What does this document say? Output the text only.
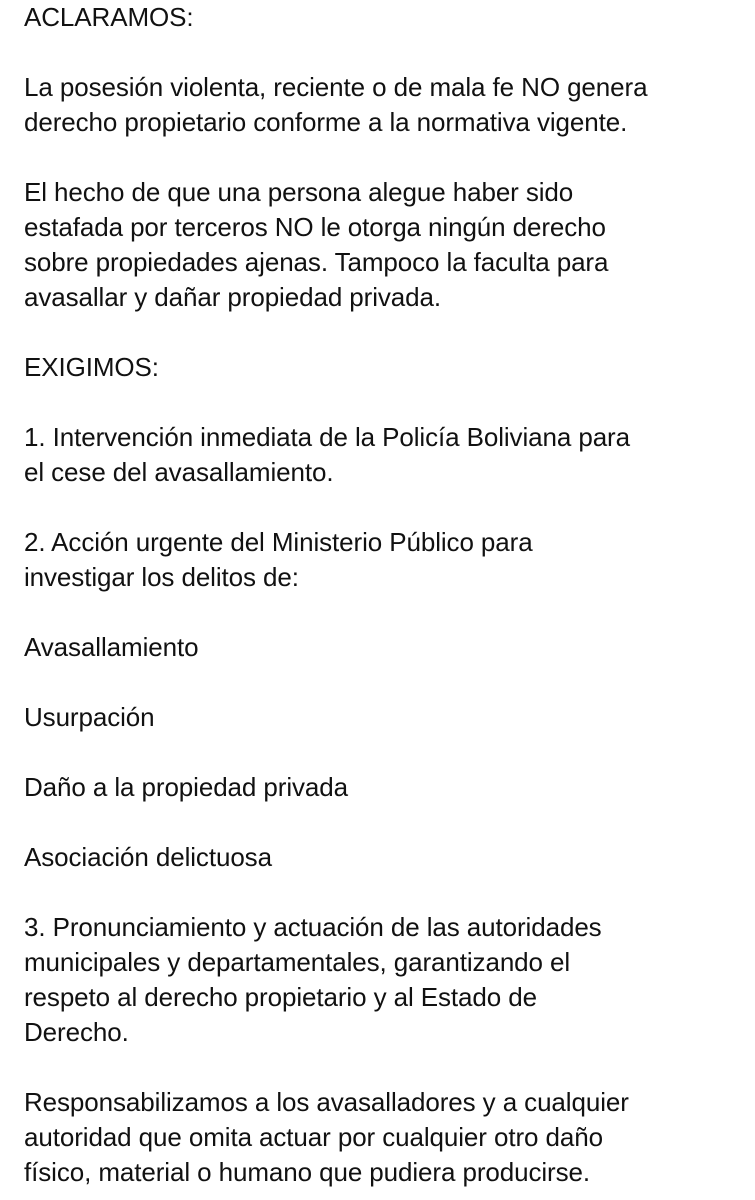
ACLARAMOS:

La posesión violenta, reciente o de mala fe NO genera
derecho propietario conforme a la normativa vigente.

El hecho de que una persona alegue haber sido
estafada por terceros NO le otorga ningún derecho
sobre propiedades ajenas. Tampoco la faculta para
avasallar y dañar propiedad privada.

EXIGIMOS:

1. Intervención inmediata de la Policía Boliviana para
el cese del avasallamiento.

2. Acción urgente del Ministerio Público para
investigar los delitos de:

Avasallamiento

Usurpación

Daño a la propiedad privada

Asociación delictuosa

3. Pronunciamiento y actuación de las autoridades
municipales y departamentales, garantizando el
respeto al derecho propietario y al Estado de
Derecho.

Responsabilizamos a los avasalladores y a cualquier
autoridad que omita actuar por cualquier otro daño
físico, material o humano que pudiera producirse.
